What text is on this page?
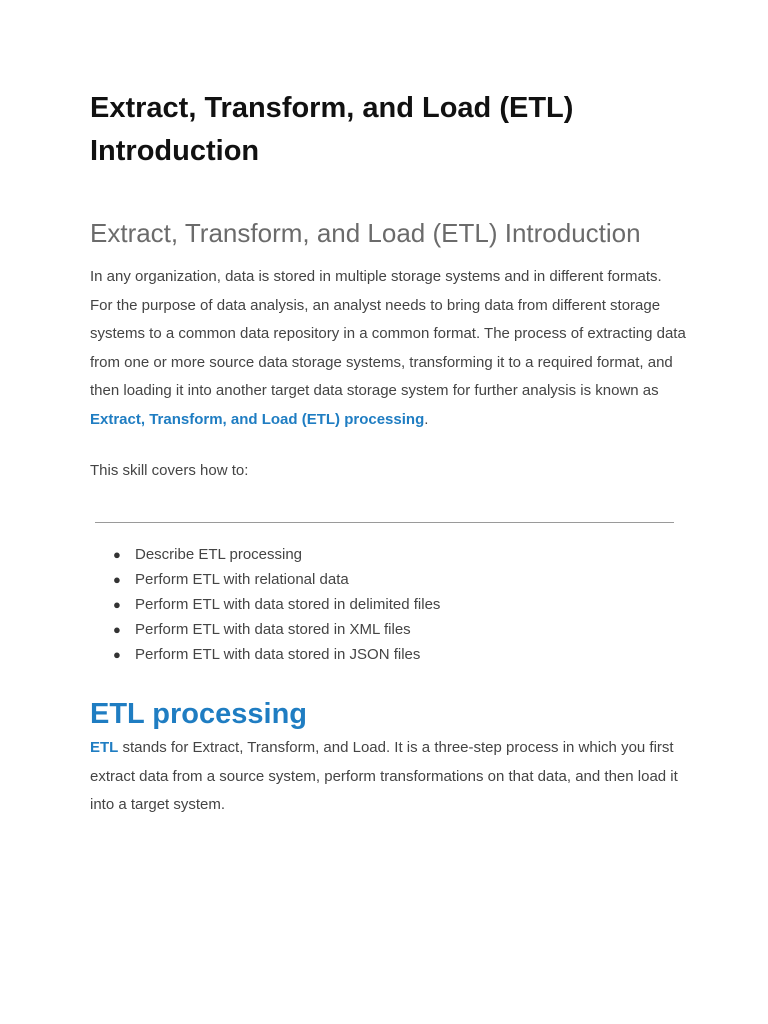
Extract, Transform, and Load (ETL) Introduction
Extract, Transform, and Load (ETL) Introduction

In any organization, data is stored in multiple storage systems and in different formats. For the purpose of data analysis, an analyst needs to bring data from different storage systems to a common data repository in a common format. The process of extracting data from one or more source data storage systems, transforming it to a required format, and then loading it into another target data storage system for further analysis is known as Extract, Transform, and Load (ETL) processing.

This skill covers how to:

● Describe ETL processing
● Perform ETL with relational data
● Perform ETL with data stored in delimited files
● Perform ETL with data stored in XML files
● Perform ETL with data stored in JSON files
ETL processing

ETL stands for Extract, Transform, and Load. It is a three-step process in which you first extract data from a source system, perform transformations on that data, and then load it into a target system.
